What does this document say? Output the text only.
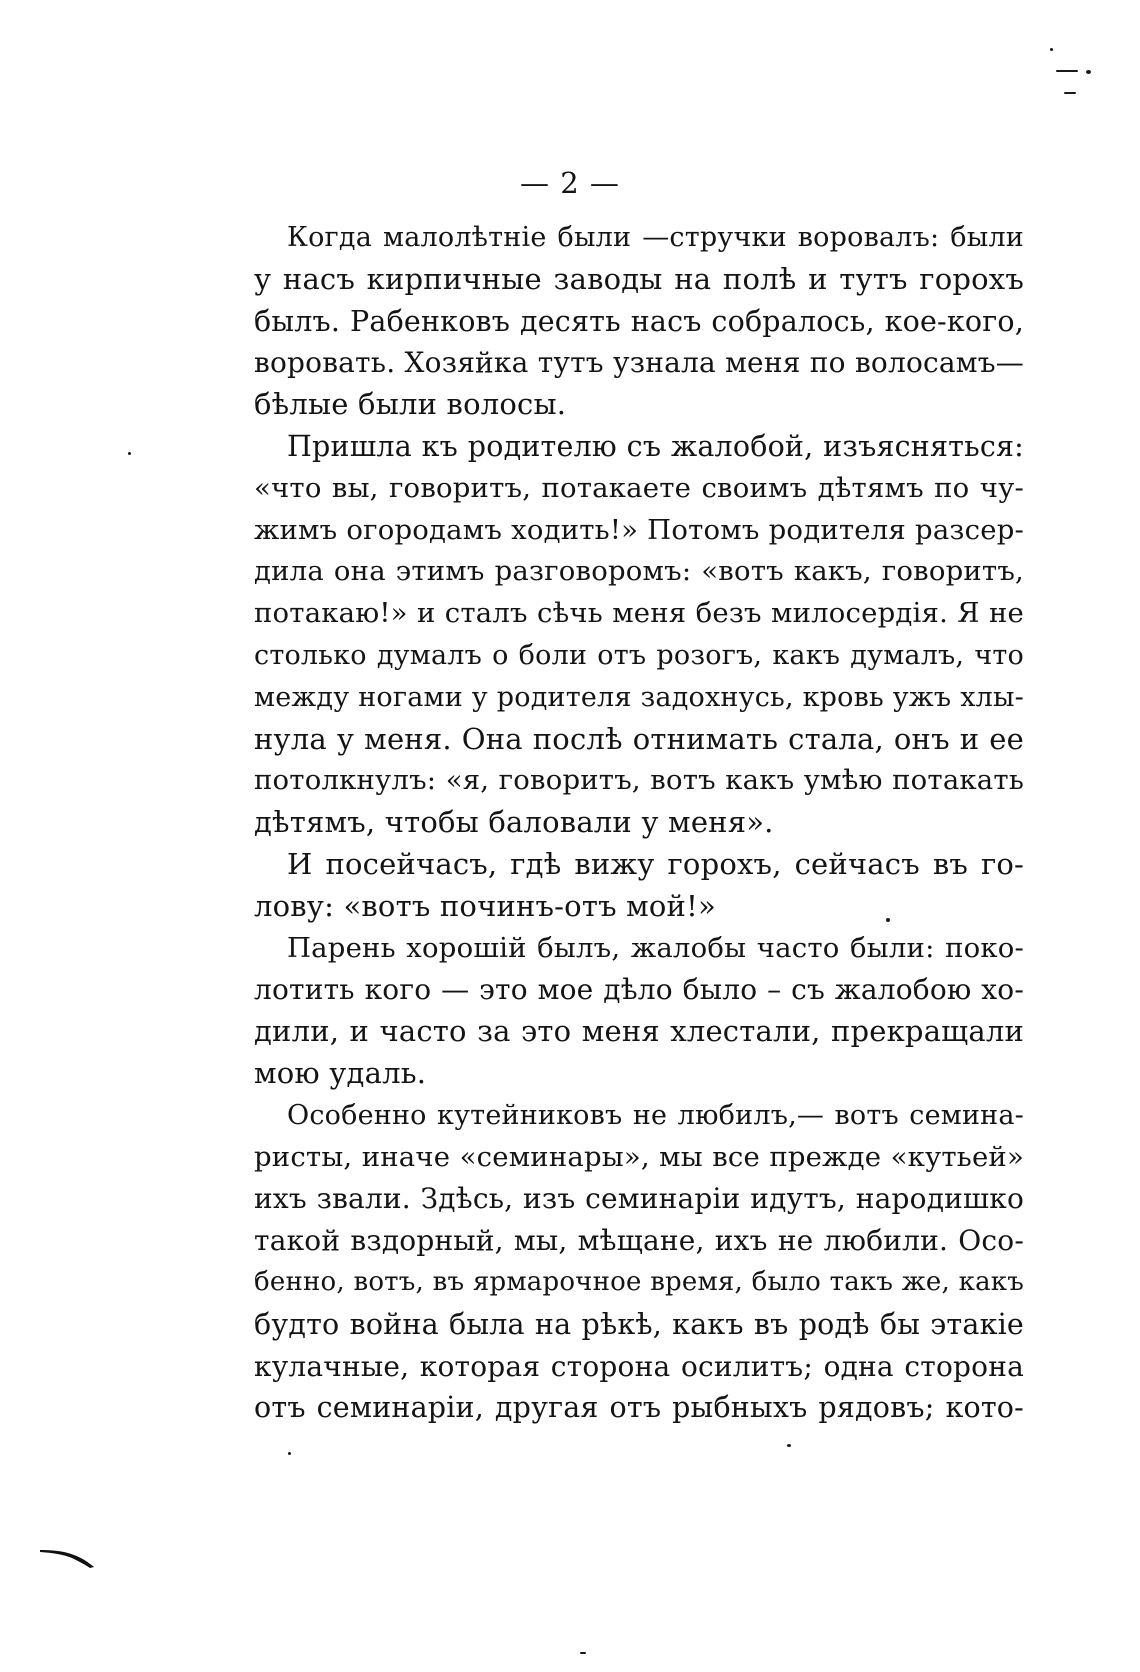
— 2 —
Когда малолѣтніе были —стручки воровалъ: были
у насъ кирпичные заводы на полѣ и тутъ горохъ
былъ. Рабенковъ десять насъ собралось, кое-кого,
воровать. Хозяйка тутъ узнала меня по волосамъ—
бѣлые были волосы.
Пришла къ родителю съ жалобой, изъясняться:
«что вы, говоритъ, потакаете своимъ дѣтямъ по чу-
жимъ огородамъ ходить!» Потомъ родителя разсер-
дила она этимъ разговоромъ: «вотъ какъ, говоритъ,
потакаю!» и сталъ сѣчь меня безъ милосердія. Я не
столько думалъ о боли отъ розогъ, какъ думалъ, что
между ногами у родителя задохнусь, кровь ужъ хлы-
нула у меня. Она послѣ отнимать стала, онъ и ее
потолкнулъ: «я, говоритъ, вотъ какъ умѣю потакать
дѣтямъ, чтобы баловали у меня».
И посейчасъ, гдѣ вижу горохъ, сейчасъ въ го-
лову: «вотъ починъ-отъ мой!»
Парень хорошій былъ, жалобы часто были: поко-
лотить кого — это мое дѣло было – съ жалобою хо-
дили, и часто за это меня хлестали, прекращали
мою удаль.
Особенно кутейниковъ не любилъ,— вотъ семина-
ристы, иначе «семинары», мы все прежде «кутьей»
ихъ звали. Здѣсь, изъ семинаріи идутъ, народишко
такой вздорный, мы, мѣщане, ихъ не любили. Осо-
бенно, вотъ, въ ярмарочное время, было такъ же, какъ
будто война была на рѣкѣ, какъ въ родѣ бы этакіе
кулачные, которая сторона осилитъ; одна сторона
отъ семинаріи, другая отъ рыбныхъ рядовъ; кото-
